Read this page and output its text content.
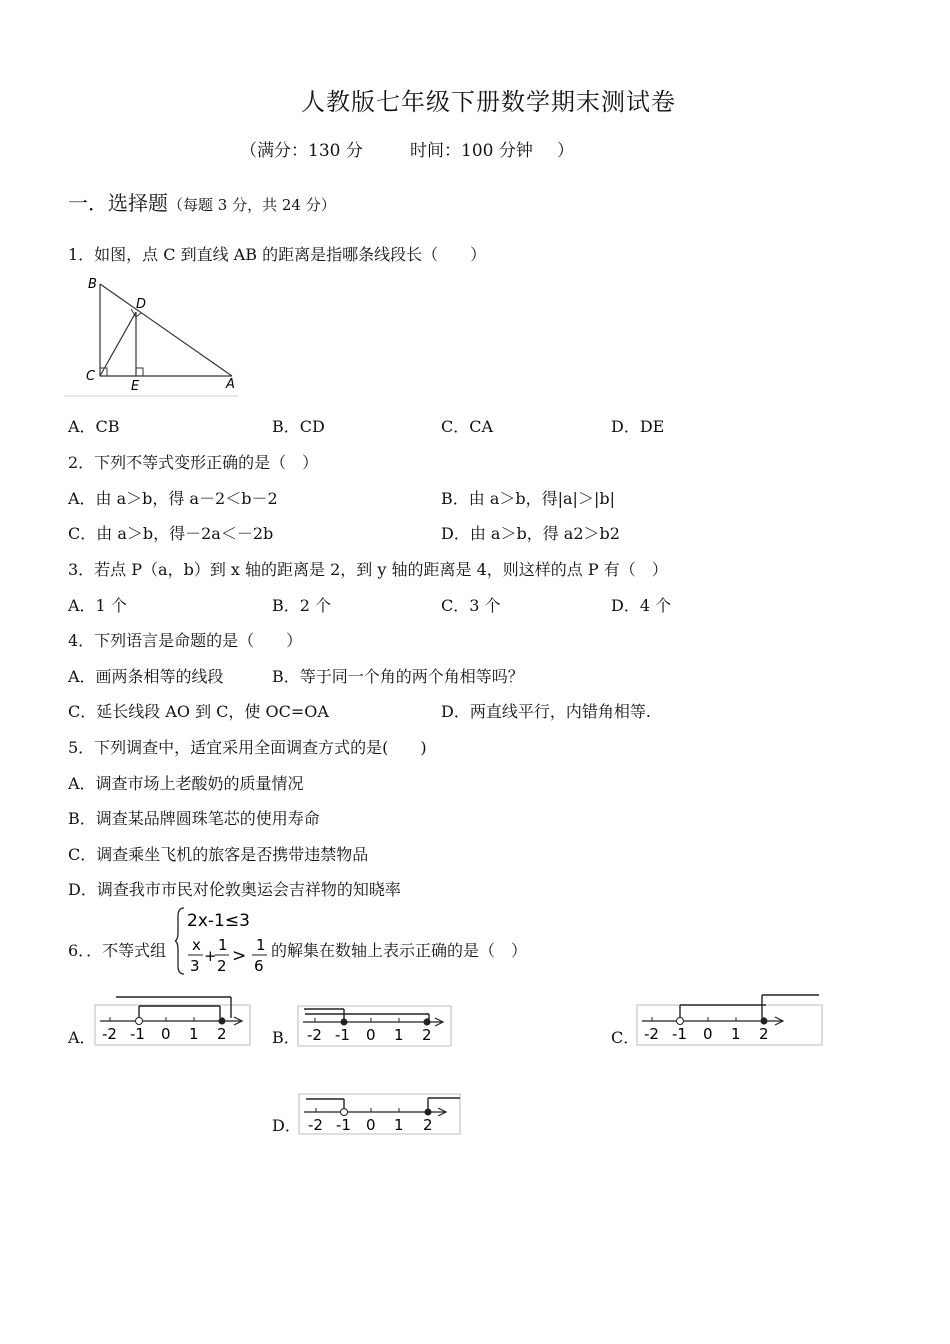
人教版七年级下册数学期末测试卷
（满分：130 分	时间：100 分钟 ）
一．选择题（每题 3 分，共 24 分）
1．如图，点 C 到直线 AB 的距离是指哪条线段长（　　）
B
D
C
E	A
A．CB	B．CD	C．CA	D．DE
2．下列不等式变形正确的是（　）
A．由 a＞b，得 a－2＜b－2	B．由 a＞b，得|a|＞|b|
C．由 a＞b，得－2a＜－2b	D．由 a＞b，得 a2＞b2
3．若点 P（a，b）到 x 轴的距离是 2，到 y 轴的距离是 4，则这样的点 P 有（　）
A．1 个	B．2 个	C．3 个	D．4 个
4．下列语言是命题的是（　　）
A．画两条相等的线段	B．等于同一个角的两个角相等吗？
C．延长线段 AO 到 C，使 OC=OA	D．两直线平行，内错角相等.
5．下列调查中，适宜采用全面调查方式的是(　　)
A．调查市场上老酸奶的质量情况
B．调查某品牌圆珠笔芯的使用寿命
C．调查乘坐飞机的旅客是否携带违禁物品
D．调查我市市民对伦敦奥运会吉祥物的知晓率
6．．不等式组
2x-1≤3
x
3
+
1
2 >
1
6
的解集在数轴上表示正确的是（　）
A．	B．	C．
D．
-2 -1 0 1 2	-2 -1 0 1 2	-2 -1 0 1 2
-2 -1 0 1 2
